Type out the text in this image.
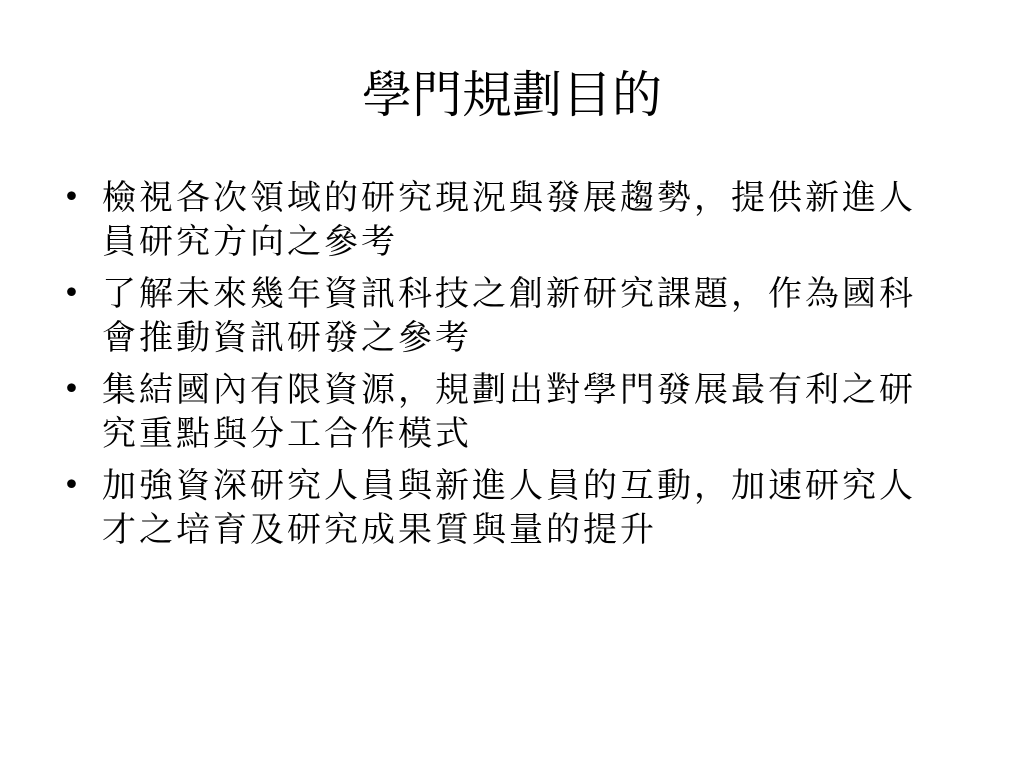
學門規劃目的
• 檢視各次領域的研究現況與發展趨勢，提供新進人員研究方向之參考
• 了解未來幾年資訊科技之創新研究課題，作為國科會推動資訊研發之參考
• 集結國內有限資源，規劃出對學門發展最有利之研究重點與分工合作模式
• 加強資深研究人員與新進人員的互動，加速研究人才之培育及研究成果質與量的提升
